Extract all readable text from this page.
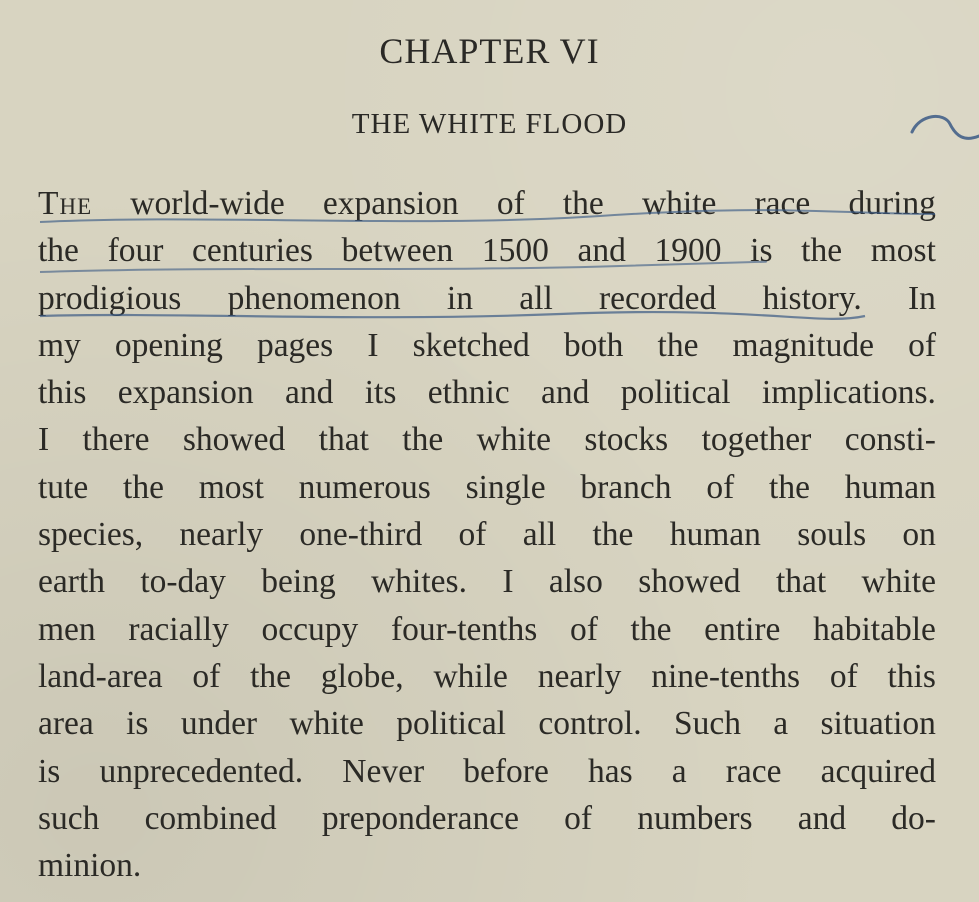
CHAPTER VI
THE WHITE FLOOD
The world-wide expansion of the white race during
the four centuries between 1500 and 1900 is the most
prodigious phenomenon in all recorded history. In
my opening pages I sketched both the magnitude of
this expansion and its ethnic and political implications.
I there showed that the white stocks together consti-
tute the most numerous single branch of the human
species, nearly one-third of all the human souls on
earth to-day being whites. I also showed that white
men racially occupy four-tenths of the entire habitable
land-area of the globe, while nearly nine-tenths of this
area is under white political control. Such a situation
is unprecedented. Never before has a race acquired
such combined preponderance of numbers and do-
minion.
